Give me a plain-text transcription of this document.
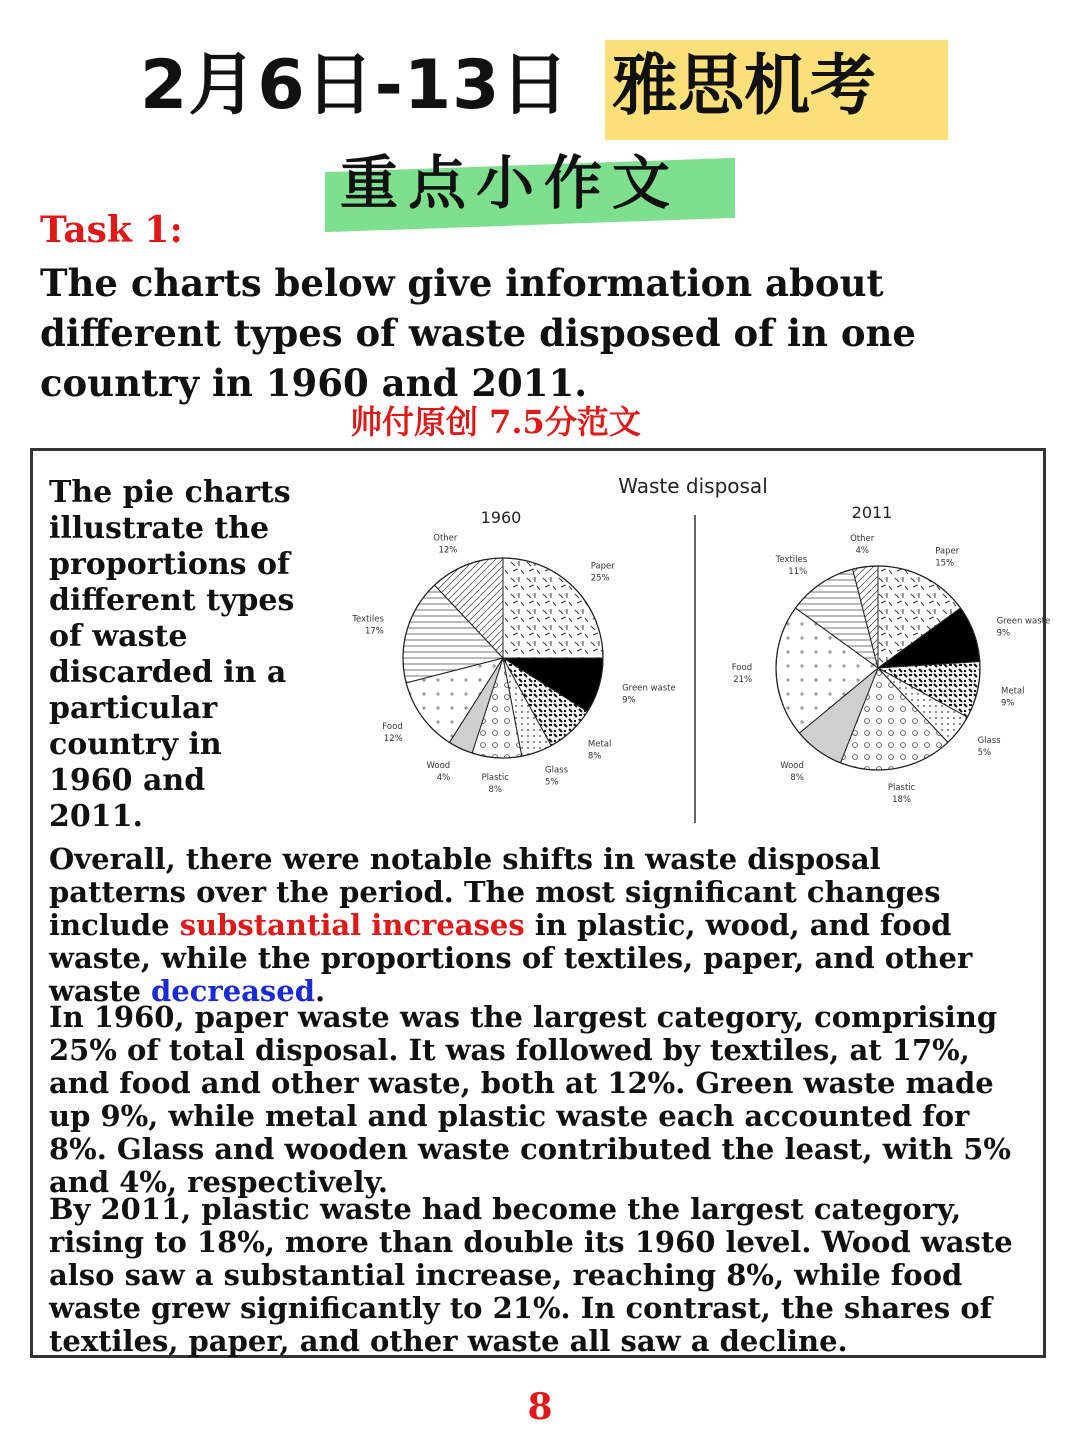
2月6日-13日 雅思机考
重点小作文
Task 1:

The charts below give information about different types of waste disposed of in one country in 1960 and 2011.

帅付原创 7.5分范文

The pie charts illustrate the proportions of different types of waste discarded in a particular country in 1960 and 2011.

Waste disposal
1960
Paper
25%
Green waste
9%
Metal
8%
Glass
5%
Plastic
8%
Wood
4%
Food
12%
Textiles
17%
Other
12%
2011
Paper
15%
Green waste
9%
Metal
9%
Glass
5%
Plastic
18%
Wood
8%
Food
21%
Textiles
11%
Other
4%

Overall, there were notable shifts in waste disposal patterns over the period. The most significant changes include substantial increases in plastic, wood, and food waste, while the proportions of textiles, paper, and other waste decreased.

In 1960, paper waste was the largest category, comprising 25% of total disposal. It was followed by textiles, at 17%, and food and other waste, both at 12%. Green waste made up 9%, while metal and plastic waste each accounted for 8%. Glass and wooden waste contributed the least, with 5% and 4%, respectively.

By 2011, plastic waste had become the largest category, rising to 18%, more than double its 1960 level. Wood waste also saw a substantial increase, reaching 8%, while food waste grew significantly to 21%. In contrast, the shares of textiles, paper, and other waste all saw a decline.

8
